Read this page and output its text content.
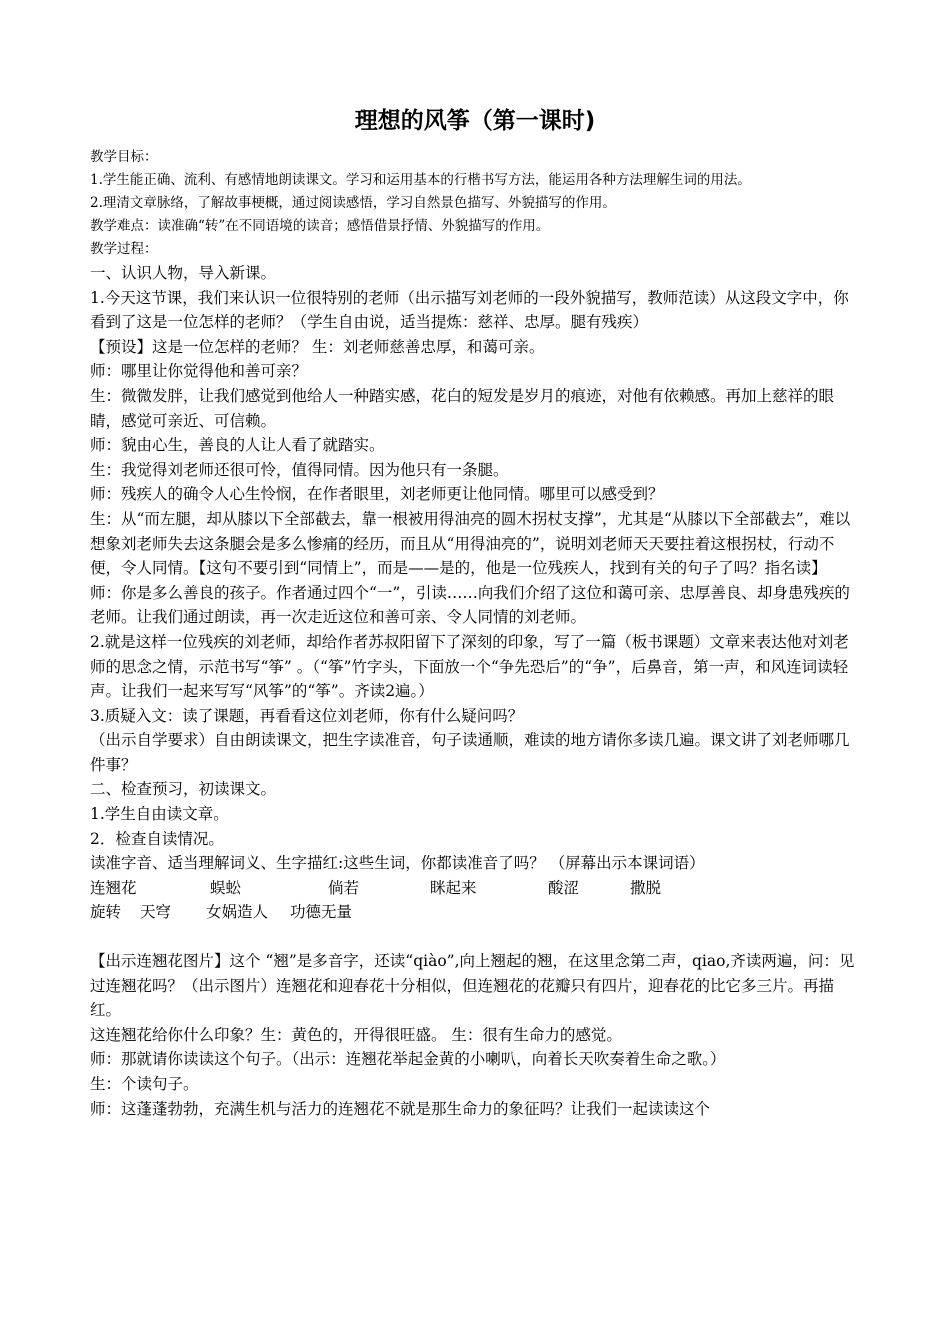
理想的风筝（第一课时)

教学目标：

1.学生能正确、流利、有感情地朗读课文。学习和运用基本的行楷书写方法，能运用各种方法理解生词的用法。

2.理清文章脉络，了解故事梗概，通过阅读感悟，学习自然景色描写、外貌描写的作用。

教学难点：读准确“转”在不同语境的读音；感悟借景抒情、外貌描写的作用。

教学过程：

一、认识人物，导入新课。

1.今天这节课，我们来认识一位很特别的老师（出示描写刘老师的一段外貌描写，教师范读）从这段文字中，你看到了这是一位怎样的老师？（学生自由说，适当提炼：慈祥、忠厚。腿有残疾）

【预设】这是一位怎样的老师？ 生：刘老师慈善忠厚，和蔼可亲。

师：哪里让你觉得他和善可亲？

生：微微发胖，让我们感觉到他给人一种踏实感，花白的短发是岁月的痕迹，对他有依赖感。再加上慈祥的眼睛，感觉可亲近、可信赖。

师：貌由心生，善良的人让人看了就踏实。

生：我觉得刘老师还很可怜，值得同情。因为他只有一条腿。

师：残疾人的确令人心生怜悯，在作者眼里，刘老师更让他同情。哪里可以感受到？

生：从“而左腿，却从膝以下全部截去，靠一根被用得油亮的圆木拐杖支撑”，尤其是“从膝以下全部截去”，难以想象刘老师失去这条腿会是多么惨痛的经历，而且从“用得油亮的”，说明刘老师天天要拄着这根拐杖，行动不便，令人同情。【这句不要引到“同情上”，而是——是的，他是一位残疾人，找到有关的句子了吗？指名读】

师：你是多么善良的孩子。作者通过四个“一”，引读……向我们介绍了这位和蔼可亲、忠厚善良、却身患残疾的老师。让我们通过朗读，再一次走近这位和善可亲、令人同情的刘老师。

2.就是这样一位残疾的刘老师，却给作者苏叔阳留下了深刻的印象，写了一篇（板书课题）文章来表达他对刘老师的思念之情，示范书写“筝” 。（“筝”竹字头，下面放一个“争先恐后”的“争”，后鼻音，第一声，和风连词读轻声。让我们一起来写写“风筝”的“筝”。齐读2遍。）

3.质疑入文：读了课题，再看看这位刘老师，你有什么疑问吗？

（出示自学要求）自由朗读课文，把生字读准音，句子读通顺，难读的地方请你多读几遍。课文讲了刘老师哪几件事？

二、检查预习，初读课文。

1.学生自由读文章。

2．检查自读情况。

读准字音、适当理解词义、生字描红:这些生词，你都读准音了吗？ （屏幕出示本课词语）

连翘花	蜈蚣	倘若	眯起来	酸涩	撒脱

旋转	天穹	女娲造人	功德无量

【出示连翘花图片】这个 “翘”是多音字，还读“qiào”,向上翘起的翘，在这里念第二声，qiao,齐读两遍，问：见过连翘花吗？（出示图片）连翘花和迎春花十分相似，但连翘花的花瓣只有四片，迎春花的比它多三片。再描红。

这连翘花给你什么印象？生：黄色的，开得很旺盛。 生：很有生命力的感觉。

师：那就请你读读这个句子。（出示：连翘花举起金黄的小喇叭，向着长天吹奏着生命之歌。）

生：个读句子。

师：这蓬蓬勃勃，充满生机与活力的连翘花不就是那生命力的象征吗？让我们一起读读这个
